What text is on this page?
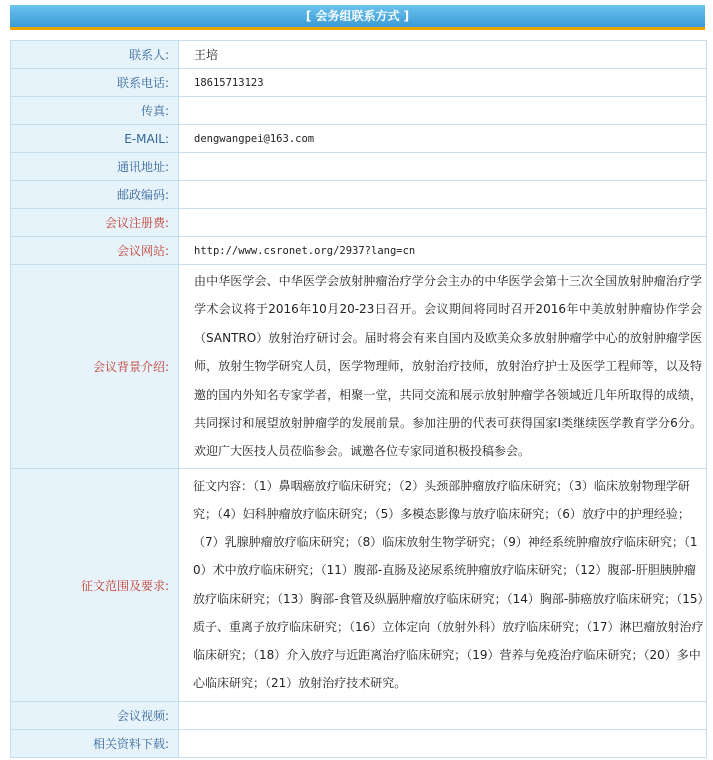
[ 会务组联系方式 ]
联系人:	王培
联系电话:	18615713123
传真:	
E-MAIL:	dengwangpei@163.com
通讯地址:	
邮政编码:	
会议注册费:	
会议网站:	http://www.csronet.org/2937?lang=cn
会议背景介绍:	由中华医学会、中华医学会放射肿瘤治疗学分会主办的中华医学会第十三次全国放射肿瘤治疗学学术会议将于2016年10月20-23日召开。会议期间将同时召开2016年中美放射肿瘤协作学会（SANTRO）放射治疗研讨会。届时将会有来自国内及欧美众多放射肿瘤学中心的放射肿瘤学医师，放射生物学研究人员，医学物理师，放射治疗技师，放射治疗护士及医学工程师等，以及特邀的国内外知名专家学者，相聚一堂，共同交流和展示放射肿瘤学各领域近几年所取得的成绩，共同探讨和展望放射肿瘤学的发展前景。参加注册的代表可获得国家Ⅰ类继续医学教育学分6分。欢迎广大医技人员莅临参会。诚邀各位专家同道积极投稿参会。
征文范围及要求:	征文内容：（1）鼻咽癌放疗临床研究；（2）头颈部肿瘤放疗临床研究；（3）临床放射物理学研究；（4）妇科肿瘤放疗临床研究；（5）多模态影像与放疗临床研究；（6）放疗中的护理经验；（7）乳腺肿瘤放疗临床研究；（8）临床放射生物学研究；（9）神经系统肿瘤放疗临床研究；（10）术中放疗临床研究；（11）腹部-直肠及泌尿系统肿瘤放疗临床研究；（12）腹部-肝胆胰肿瘤放疗临床研究；（13）胸部-食管及纵膈肿瘤放疗临床研究；（14）胸部-肺癌放疗临床研究；（15）质子、重离子放疗临床研究；（16）立体定向（放射外科）放疗临床研究；（17）淋巴瘤放射治疗临床研究；（18）介入放疗与近距离治疗临床研究；（19）营养与免疫治疗临床研究；（20）多中心临床研究；（21）放射治疗技术研究。
会议视频:	
相关资料下载:	
